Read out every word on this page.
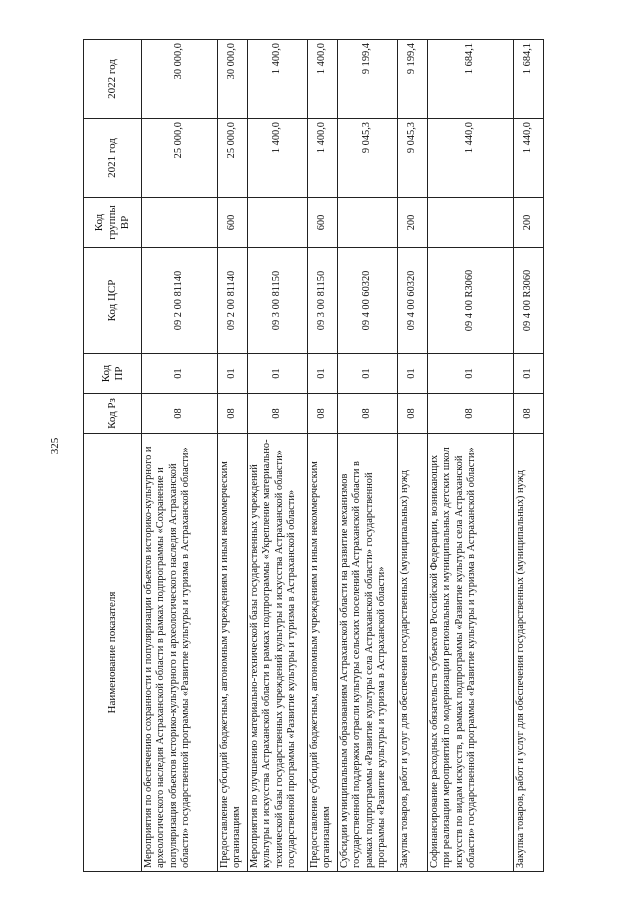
325
Наименование показателя	Код Рз	Код ПР	Код ЦСР	Код группы ВР	2021 год	2022 год
Мероприятия по обеспечению сохранности и популяризации объектов историко-культурного и археологического наследия Астраханской области в рамках подпрограммы «Сохранение и популяризация объектов историко-культурного и археологического наследия Астраханской области» государственной программы «Развитие культуры и туризма в Астраханской области»	08	01	09 2 00 81140		25 000,0	30 000,0
Предоставление субсидий бюджетным, автономным учреждениям и иным некоммерческим организациям	08	01	09 2 00 81140	600	25 000,0	30 000,0
Мероприятия по улучшению материально-технической базы государственных учреждений культуры и искусства Астраханской области в рамках подпрограммы «Укрепление материально-технической базы государственных учреждений культуры и искусства Астраханской области» государственной программы «Развитие культуры и туризма в Астраханской области»	08	01	09 3 00 81150		1 400,0	1 400,0
Предоставление субсидий бюджетным, автономным учреждениям и иным некоммерческим организациям	08	01	09 3 00 81150	600	1 400,0	1 400,0
Субсидии муниципальным образованиям Астраханской области на развитие механизмов государственной поддержки отрасли культуры сельских поселений Астраханской области в рамках подпрограммы «Развитие культуры села Астраханской области» государственной программы «Развитие культуры и туризма в Астраханской области»	08	01	09 4 00 60320		9 045,3	9 199,4
Закупка товаров, работ и услуг для обеспечения государственных (муниципальных) нужд	08	01	09 4 00 60320	200	9 045,3	9 199,4
Софинансирование расходных обязательств субъектов Российской Федерации, возникающих при реализации мероприятий по модернизации региональных и муниципальных детских школ искусств по видам искусств, в рамках подпрограммы «Развитие культуры села Астраханской области» государственной программы «Развитие культуры и туризма в Астраханской области»	08	01	09 4 00 R3060		1 440,0	1 684,1
Закупка товаров, работ и услуг для обеспечения государственных (муниципальных) нужд	08	01	09 4 00 R3060	200	1 440,0	1 684,1
